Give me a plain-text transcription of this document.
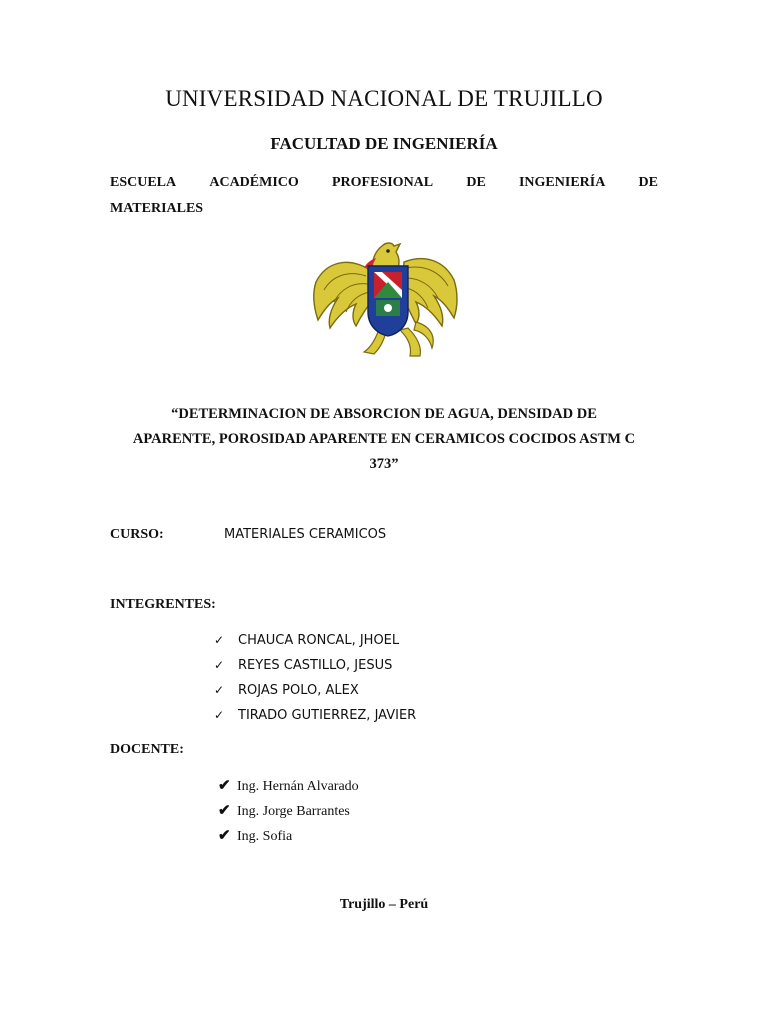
UNIVERSIDAD NACIONAL DE TRUJILLO
FACULTAD DE INGENIERÍA
ESCUELA ACADÉMICO PROFESIONAL DE INGENIERÍA DE
MATERIALES
“DETERMINACION DE ABSORCION DE AGUA, DENSIDAD DE
APARENTE, POROSIDAD APARENTE EN CERAMICOS COCIDOS ASTM C
373”
CURSO:	MATERIALES CERAMICOS
INTEGRENTES:
✓ CHAUCA RONCAL, JHOEL
✓ REYES CASTILLO, JESUS
✓ ROJAS POLO, ALEX
✓ TIRADO GUTIERREZ, JAVIER
DOCENTE:
✔ Ing. Hernán Alvarado
✔ Ing. Jorge Barrantes
✔ Ing. Sofia
Trujillo – Perú
